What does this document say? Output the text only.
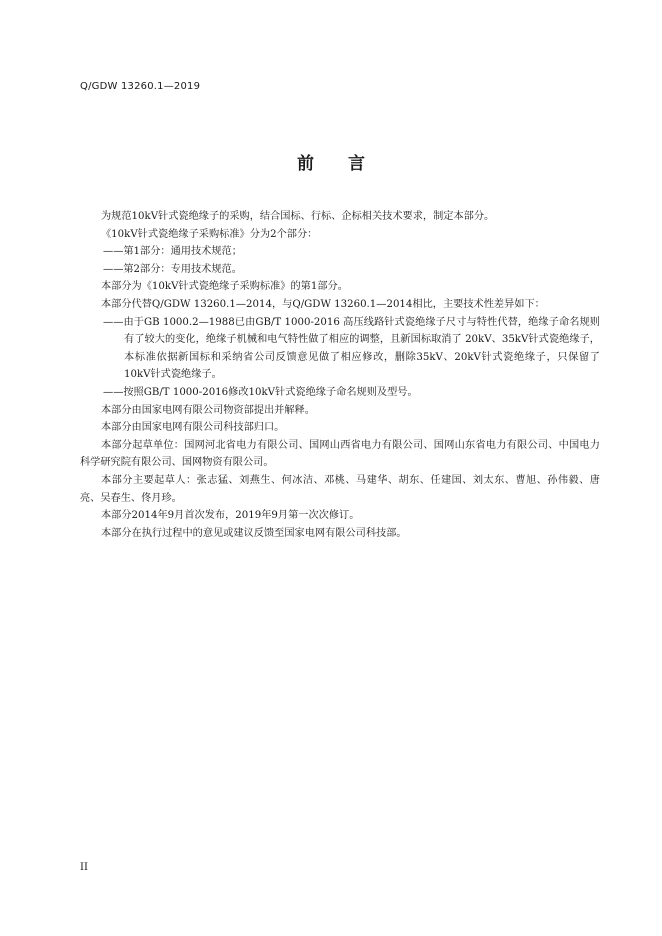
Q/GDW 13260.1—2019
前 言

为规范10kV针式瓷绝缘子的采购，结合国标、行标、企标相关技术要求，制定本部分。

《10kV针式瓷绝缘子采购标准》分为2个部分：

——第1部分：通用技术规范；

——第2部分：专用技术规范。

本部分为《10kV针式瓷绝缘子采购标准》的第1部分。

本部分代替Q/GDW 13260.1—2014，与Q/GDW 13260.1—2014相比，主要技术性差异如下：

——由于GB 1000.2—1988已由GB/T 1000-2016 高压线路针式瓷绝缘子尺寸与特性代替，绝缘子命名规则有了较大的变化，绝缘子机械和电气特性做了相应的调整，且新国标取消了 20kV、35kV针式瓷绝缘子，本标准依据新国标和采纳省公司反馈意见做了相应修改，删除35kV、20kV针式瓷绝缘子，只保留了10kV针式瓷绝缘子。

——按照GB/T 1000-2016修改10kV针式瓷绝缘子命名规则及型号。

本部分由国家电网有限公司物资部提出并解释。

本部分由国家电网有限公司科技部归口。

本部分起草单位：国网河北省电力有限公司、国网山西省电力有限公司、国网山东省电力有限公司、中国电力科学研究院有限公司、国网物资有限公司。

本部分主要起草人：张志猛、刘燕生、何冰洁、邓桃、马建华、胡东、任建国、刘太东、曹旭、孙伟毅、唐亮、吴春生、佟月珍。

本部分2014年9月首次发布，2019年9月第一次次修订。

本部分在执行过程中的意见或建议反馈至国家电网有限公司科技部。

II
